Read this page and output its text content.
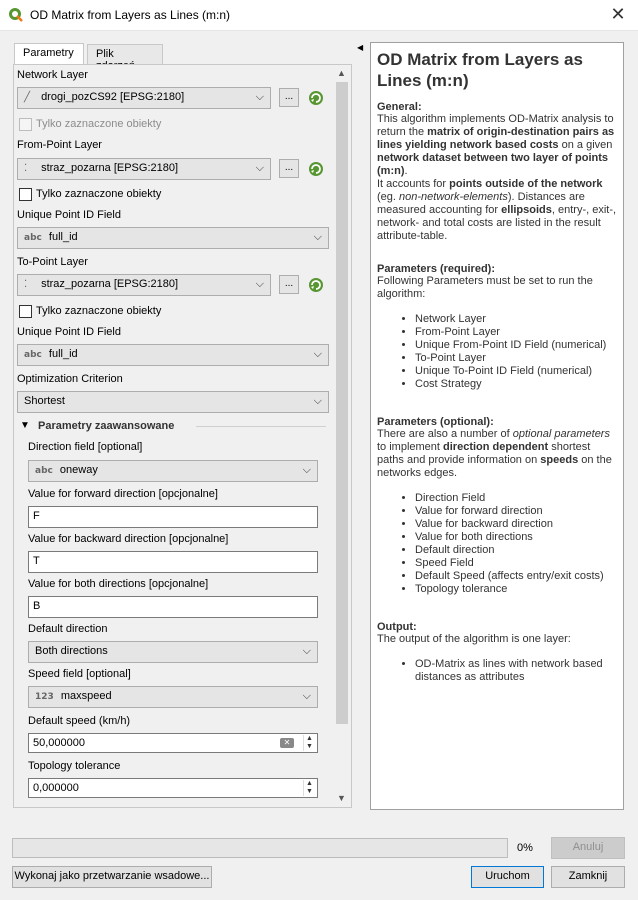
OD Matrix from Layers as Lines (m:n)	✕
Parametry	Plik
Network Layer
╱ drogi_pozCS92 [EPSG:2180]	⌵	...
Tylko zaznaczone obiekty
From-Point Layer
⁚ straz_pozarna [EPSG:2180]	⌵	...
Tylko zaznaczone obiekty
Unique Point ID Field
abc full_id	⌵
To-Point Layer
⁚ straz_pozarna [EPSG:2180]	⌵	...
Tylko zaznaczone obiekty
Unique Point ID Field
abc full_id	⌵
Optimization Criterion
Shortest	⌵
▼ Parametry zaawansowane
Direction field [optional]
abc oneway	⌵
Value for forward direction [opcjonalne]
F
Value for backward direction [opcjonalne]
T
Value for both directions [opcjonalne]
B
Default direction
Both directions	⌵
Speed field [optional]
123 maxspeed	⌵
Default speed (km/h)
50,000000	✕	▲
▼
Topology tolerance
0,000000	▲
▼
▲
▼
◀
OD Matrix from Layers as Lines (m:n)
General:

This algorithm implements OD-Matrix analysis to return the matrix of origin-destination pairs as lines yielding network based costs on a given network dataset between two layer of points (m:n).
It accounts for points outside of the network (eg. non-network-elements). Distances are measured accounting for ellipsoids, entry-, exit-, network- and total costs are listed in the result attribute-table.

Parameters (required):

Following Parameters must be set to run the algorithm:

• Network Layer
• From-Point Layer
• Unique From-Point ID Field (numerical)
• To-Point Layer
• Unique To-Point ID Field (numerical)
• Cost Strategy
Parameters (optional):

There are also a number of optional parameters to implement direction dependent shortest paths and provide information on speeds on the networks edges.

• Direction Field
• Value for forward direction
• Value for backward direction
• Value for both directions
• Default direction
• Speed Field
• Default Speed (affects entry/exit costs)
• Topology tolerance
Output:

The output of the algorithm is one layer:

• OD-Matrix as lines with network based distances as attributes
0%	Anuluj
Wykonaj jako przetwarzanie wsadowe...	Uruchom	Zamknij
